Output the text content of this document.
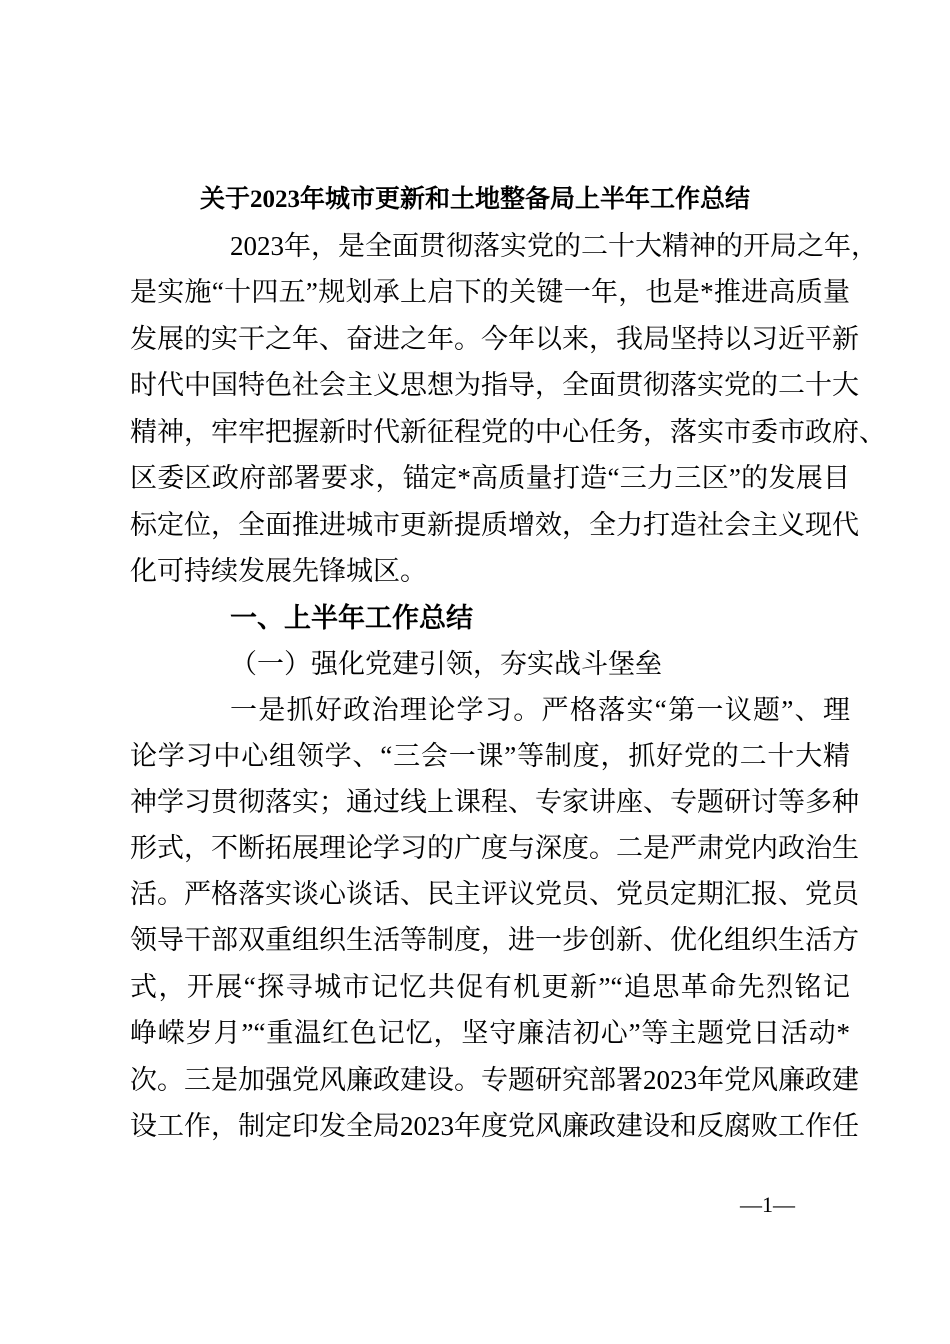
关于2023年城市更新和土地整备局上半年工作总结
2023年，是全面贯彻落实党的二十大精神的开局之年，
是实施“十四五”规划承上启下的关键一年，也是*推进高质量
发展的实干之年、奋进之年。今年以来，我局坚持以习近平新
时代中国特色社会主义思想为指导，全面贯彻落实党的二十大
精神，牢牢把握新时代新征程党的中心任务，落实市委市政府、
区委区政府部署要求，锚定*高质量打造“三力三区”的发展目
标定位，全面推进城市更新提质增效，全力打造社会主义现代
化可持续发展先锋城区。
一、上半年工作总结
（一）强化党建引领，夯实战斗堡垒
一是抓好政治理论学习。严格落实“第一议题”、理
论学习中心组领学、“三会一课”等制度，抓好党的二十大精
神学习贯彻落实；通过线上课程、专家讲座、专题研讨等多种
形式，不断拓展理论学习的广度与深度。二是严肃党内政治生
活。严格落实谈心谈话、民主评议党员、党员定期汇报、党员
领导干部双重组织生活等制度，进一步创新、优化组织生活方
式，开展“探寻城市记忆共促有机更新”“追思革命先烈铭记
峥嵘岁月”“重温红色记忆，坚守廉洁初心”等主题党日活动*
次。三是加强党风廉政建设。专题研究部署2023年党风廉政建
设工作，制定印发全局2023年度党风廉政建设和反腐败工作任
—1—
